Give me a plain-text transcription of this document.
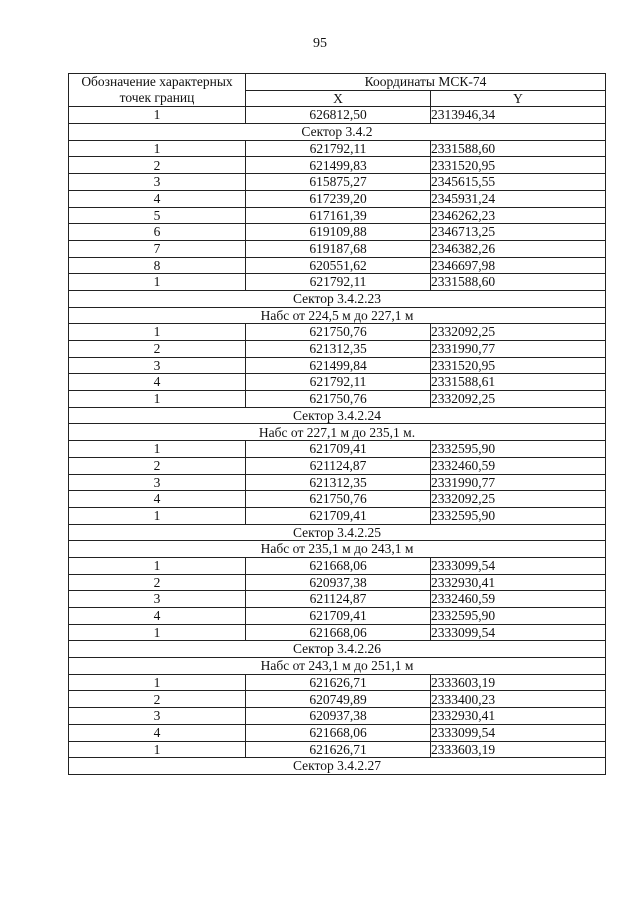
95
Обозначение характерных точек границ	Координаты МСК-74	
	X	Y
1	626812,50	2313946,34
Сектор 3.4.2		
1	621792,11	2331588,60
2	621499,83	2331520,95
3	615875,27	2345615,55
4	617239,20	2345931,24
5	617161,39	2346262,23
6	619109,88	2346713,25
7	619187,68	2346382,26
8	620551,62	2346697,98
1	621792,11	2331588,60
Сектор 3.4.2.23		
Набс от 224,5 м до 227,1 м		
1	621750,76	2332092,25
2	621312,35	2331990,77
3	621499,84	2331520,95
4	621792,11	2331588,61
1	621750,76	2332092,25
Сектор 3.4.2.24		
Набс от 227,1 м до 235,1 м.		
1	621709,41	2332595,90
2	621124,87	2332460,59
3	621312,35	2331990,77
4	621750,76	2332092,25
1	621709,41	2332595,90
Сектор 3.4.2.25		
Набс от 235,1 м до 243,1 м		
1	621668,06	2333099,54
2	620937,38	2332930,41
3	621124,87	2332460,59
4	621709,41	2332595,90
1	621668,06	2333099,54
Сектор 3.4.2.26		
Набс от 243,1 м до 251,1 м		
1	621626,71	2333603,19
2	620749,89	2333400,23
3	620937,38	2332930,41
4	621668,06	2333099,54
1	621626,71	2333603,19
Сектор 3.4.2.27		
